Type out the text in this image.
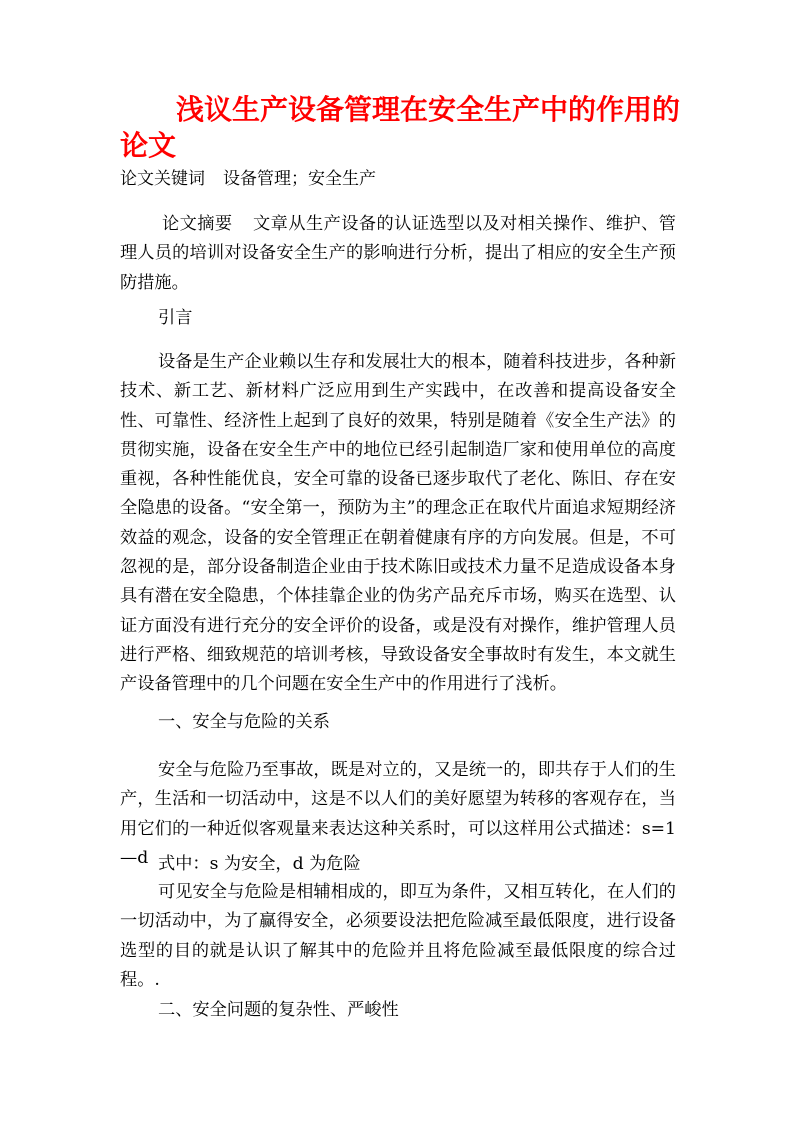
浅议生产设备管理在安全生产中的作用的论文
论文关键词 设备管理；安全生产

论文摘要 文章从生产设备的认证选型以及对相关操作、维护、管理人员的培训对设备安全生产的影响进行分析，提出了相应的安全生产预防措施。

引言

设备是生产企业赖以生存和发展壮大的根本，随着科技进步，各种新技术、新工艺、新材料广泛应用到生产实践中，在改善和提高设备安全性、可靠性、经济性上起到了良好的效果，特别是随着《安全生产法》的贯彻实施，设备在安全生产中的地位已经引起制造厂家和使用单位的高度重视，各种性能优良，安全可靠的设备已逐步取代了老化、陈旧、存在安全隐患的设备。“安全第一，预防为主”的理念正在取代片面追求短期经济效益的观念，设备的安全管理正在朝着健康有序的方向发展。但是，不可忽视的是，部分设备制造企业由于技术陈旧或技术力量不足造成设备本身具有潜在安全隐患，个体挂靠企业的伪劣产品充斥市场，购买在选型、认证方面没有进行充分的安全评价的设备，或是没有对操作，维护管理人员进行严格、细致规范的培训考核，导致设备安全事故时有发生，本文就生产设备管理中的几个问题在安全生产中的作用进行了浅析。

一、安全与危险的关系

安全与危险乃至事故，既是对立的，又是统一的，即共存于人们的生产，生活和一切活动中，这是不以人们的美好愿望为转移的客观存在，当用它们的一种近似客观量来表达这种关系时，可以这样用公式描述：s=1—d 式中：s 为安全，d 为危险

可见安全与危险是相辅相成的，即互为条件，又相互转化，在人们的一切活动中，为了赢得安全，必须要设法把危险减至最低限度，进行设备选型的目的就是认识了解其中的危险并且将危险减至最低限度的综合过程。.

二、安全问题的复杂性、严峻性
